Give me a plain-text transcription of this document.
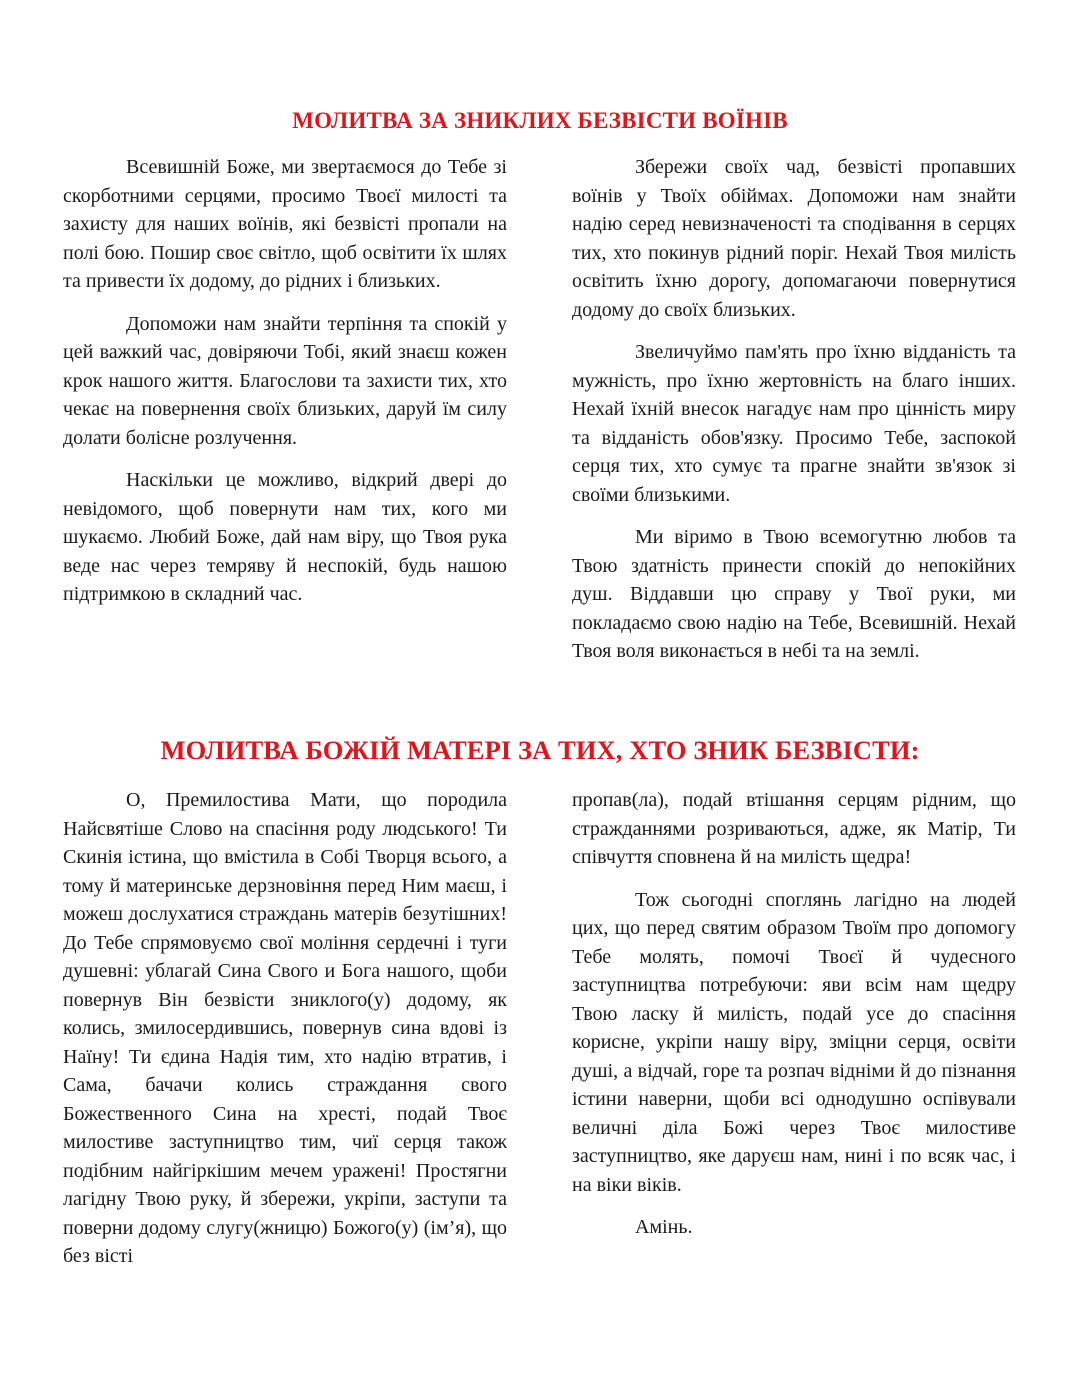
МОЛИТВА ЗА ЗНИКЛИХ БЕЗВІСТИ ВОЇНІВ

Всевишній Боже, ми звертаємося до Тебе зі скорботними серцями, просимо Твоєї милості та захисту для наших воїнів, які безвісті пропали на полі бою. Пошир своє світло, щоб освітити їх шлях та привести їх додому, до рідних і близьких.

Допоможи нам знайти терпіння та спокій у цей важкий час, довіряючи Тобі, який знаєш кожен крок нашого життя. Благослови та захисти тих, хто чекає на повернення своїх близьких, даруй їм силу долати болісне розлучення.

Наскільки це можливо, відкрий двері до невідомого, щоб повернути нам тих, кого ми шукаємо. Любий Боже, дай нам віру, що Твоя рука веде нас через темряву й неспокій, будь нашою підтримкою в складний час.

Збережи своїх чад, безвісті пропавших воїнів у Твоїх обіймах. Допоможи нам знайти надію серед невизначеності та сподівання в серцях тих, хто покинув рідний поріг. Нехай Твоя милість освітить їхню дорогу, допомагаючи повернутися додому до своїх близьких.

Звеличуймо пам'ять про їхню відданість та мужність, про їхню жертовність на благо інших. Нехай їхній внесок нагадує нам про цінність миру та відданість обов'язку. Просимо Тебе, заспокой серця тих, хто сумує та прагне знайти зв'язок зі своїми близькими.

Ми віримо в Твою всемогутню любов та Твою здатність принести спокій до непокійних душ. Віддавши цю справу у Твої руки, ми покладаємо свою надію на Тебе, Всевишній. Нехай Твоя воля виконається в небі та на землі.

МОЛИТВА БОЖІЙ МАТЕРІ ЗА ТИХ, ХТО ЗНИК БЕЗВІСТИ:

О, Премилостива Мати, що породила Найсвятіше Слово на спасіння роду людського! Ти Скинія істина, що вмістила в Собі Творця всього, а тому й материнське дерзновіння перед Ним маєш, і можеш дослухатися страждань матерів безутішних! До Тебе спрямовуємо свої моління сердечні і туги душевні: ублагай Сина Свого и Бога нашого, щоби повернув Він безвісти зниклого(у) додому, як колись, змилосердившись, повернув сина вдові із Наїну! Ти єдина Надія тим, хто надію втратив, і Сама, бачачи колись страждання свого Божественного Сина на хресті, подай Твоє милостиве заступництво тим, чиї серця також подібним найгіркішим мечем уражені! Простягни лагідну Твою руку, й збережи, укріпи, заступи та поверни додому слугу(жницю) Божого(у) (ім’я), що без вісті

пропав(ла), подай втішання серцям рідним, що стражданнями розриваються, адже, як Матір, Ти співчуття сповнена й на милість щедра!

Тож сьогодні споглянь лагідно на людей цих, що перед святим образом Твоїм про допомогу Тебе молять, помочі Твоєї й чудесного заступництва потребуючи: яви всім нам щедру Твою ласку й милість, подай усе до спасіння корисне, укріпи нашу віру, зміцни серця, освіти душі, а відчай, горе та розпач відніми й до пізнання істини наверни, щоби всі однодушно оспівували величні діла Божі через Твоє милостиве заступництво, яке даруєш нам, нині і по всяк час, і на віки віків.

Амінь.
